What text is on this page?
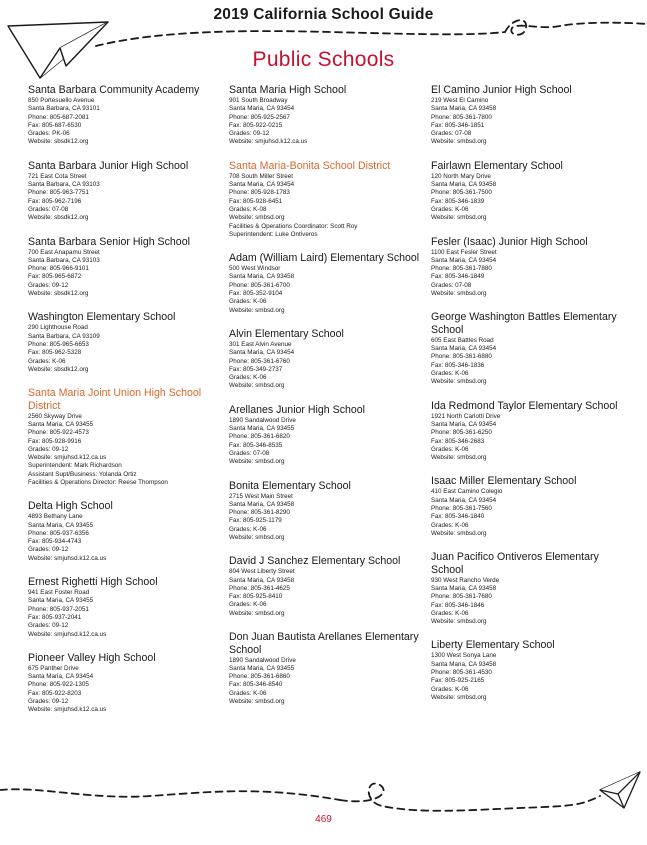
2019 California School Guide
Public Schools
Santa Barbara Community Academy
850 Portesuello Avenue
Santa Barbara, CA 93101
Phone: 805-687-2081
Fax: 805-687-6530
Grades: PK-06
Website: sbsdk12.org
Santa Barbara Junior High School
721 East Cota Street
Santa Barbara, CA 93103
Phone: 805-963-7751
Fax: 805-962-7196
Grades: 07-08
Website: sbsdk12.org
Santa Barbara Senior High School
700 East Anapamu Street
Santa Barbara, CA 93103
Phone: 805-966-9101
Fax: 805-965-6872
Grades: 09-12
Website: sbsdk12.org
Washington Elementary School
290 Lighthouse Road
Santa Barbara, CA 93109
Phone: 805-965-6653
Fax: 805-962-5328
Grades: K-06
Website: sbsdk12.org
Santa Maria Joint Union High School District
2560 Skyway Drive
Santa Maria, CA 93455
Phone: 805-922-4573
Fax: 805-928-9916
Grades: 09-12
Website: smjuhsd.k12.ca.us
Superintendent: Mark Richardson
Assistant Supt/Business: Yolanda Ortiz
Facilities & Operations Director: Reese Thompson
Delta High School
4893 Bethany Lane
Santa Maria, CA 93455
Phone: 805-937-6356
Fax: 805-934-4743
Grades: 09-12
Website: smjuhsd.k12.ca.us
Ernest Righetti High School
941 East Foster Road
Santa Maria, CA 93455
Phone: 805-937-2051
Fax: 805-937-2041
Grades: 09-12
Website: smjuhsd.k12.ca.us
Pioneer Valley High School
675 Panther Drive
Santa Maria, CA 93454
Phone: 805-922-1305
Fax: 805-922-8203
Grades: 09-12
Website: smjuhsd.k12.ca.us
Santa Maria High School
901 South Broadway
Santa Maria, CA 93454
Phone: 805-925-2567
Fax: 805-922-0215
Grades: 09-12
Website: smjuhsd.k12.ca.us
Santa Maria-Bonita School District
708 South Miller Street
Santa Maria, CA 93454
Phone: 805-928-1783
Fax: 805-928-6451
Grades: K-08
Website: smbsd.org
Facilities & Operations Coordinator: Scott Roy
Superintendent: Luke Ontiveros
Adam (William Laird) Elementary School
500 West Windsor
Santa Maria, CA 93458
Phone: 805-361-6700
Fax: 805-352-9104
Grades: K-06
Website: smbsd.org
Alvin Elementary School
301 East Alvin Avenue
Santa Maria, CA 93454
Phone: 805-361-6760
Fax: 805-349-2737
Grades: K-06
Website: smbsd.org
Arellanes Junior High School
1890 Sandalwood Drive
Santa Maria, CA 93455
Phone: 805-361-6820
Fax: 805-346-8535
Grades: 07-08
Website: smbsd.org
Bonita Elementary School
2715 West Main Street
Santa Maria, CA 93458
Phone: 805-361-8290
Fax: 805-925-1179
Grades: K-06
Website: smbsd.org
David J Sanchez Elementary School
804 West Liberty Street
Santa Maria, CA 93458
Phone: 805-361-4625
Fax: 805-925-8410
Grades: K-06
Website: smbsd.org
Don Juan Bautista Arellanes Elementary School
1890 Sandalwood Drive
Santa Maria, CA 93455
Phone: 805-361-6860
Fax: 805-346-8540
Grades: K-06
Website: smbsd.org
El Camino Junior High School
219 West El Camino
Santa Maria, CA 93458
Phone: 805-361-7800
Fax: 805-346-1851
Grades: 07-08
Website: smbsd.org
Fairlawn Elementary School
120 North Mary Drive
Santa Maria, CA 93458
Phone: 805-361-7500
Fax: 805-346-1839
Grades: K-06
Website: smbsd.org
Fesler (Isaac) Junior High School
1100 East Fesler Street
Santa Maria, CA 93454
Phone: 805-361-7880
Fax: 805-346-1849
Grades: 07-08
Website: smbsd.org
George Washington Battles Elementary School
605 East Battles Road
Santa Maria, CA 93454
Phone: 805-361-6880
Fax: 805-346-1836
Grades: K-06
Website: smbsd.org
Ida Redmond Taylor Elementary School
1921 North Carlotti Drive
Santa Maria, CA 93454
Phone: 805-361-6250
Fax: 805-346-2683
Grades: K-06
Website: smbsd.org
Isaac Miller Elementary School
410 East Camino Colegio
Santa Maria, CA 93454
Phone: 805-361-7560
Fax: 805-346-1840
Grades: K-06
Website: smbsd.org
Juan Pacifico Ontiveros Elementary School
930 West Rancho Verde
Santa Maria, CA 93458
Phone: 805-361-7680
Fax: 805-346-1846
Grades: K-06
Website: smbsd.org
Liberty Elementary School
1300 West Sonya Lane
Santa Maria, CA 93458
Phone: 805-361-4530
Fax: 805-925-2165
Grades: K-06
Website: smbsd.org
469
